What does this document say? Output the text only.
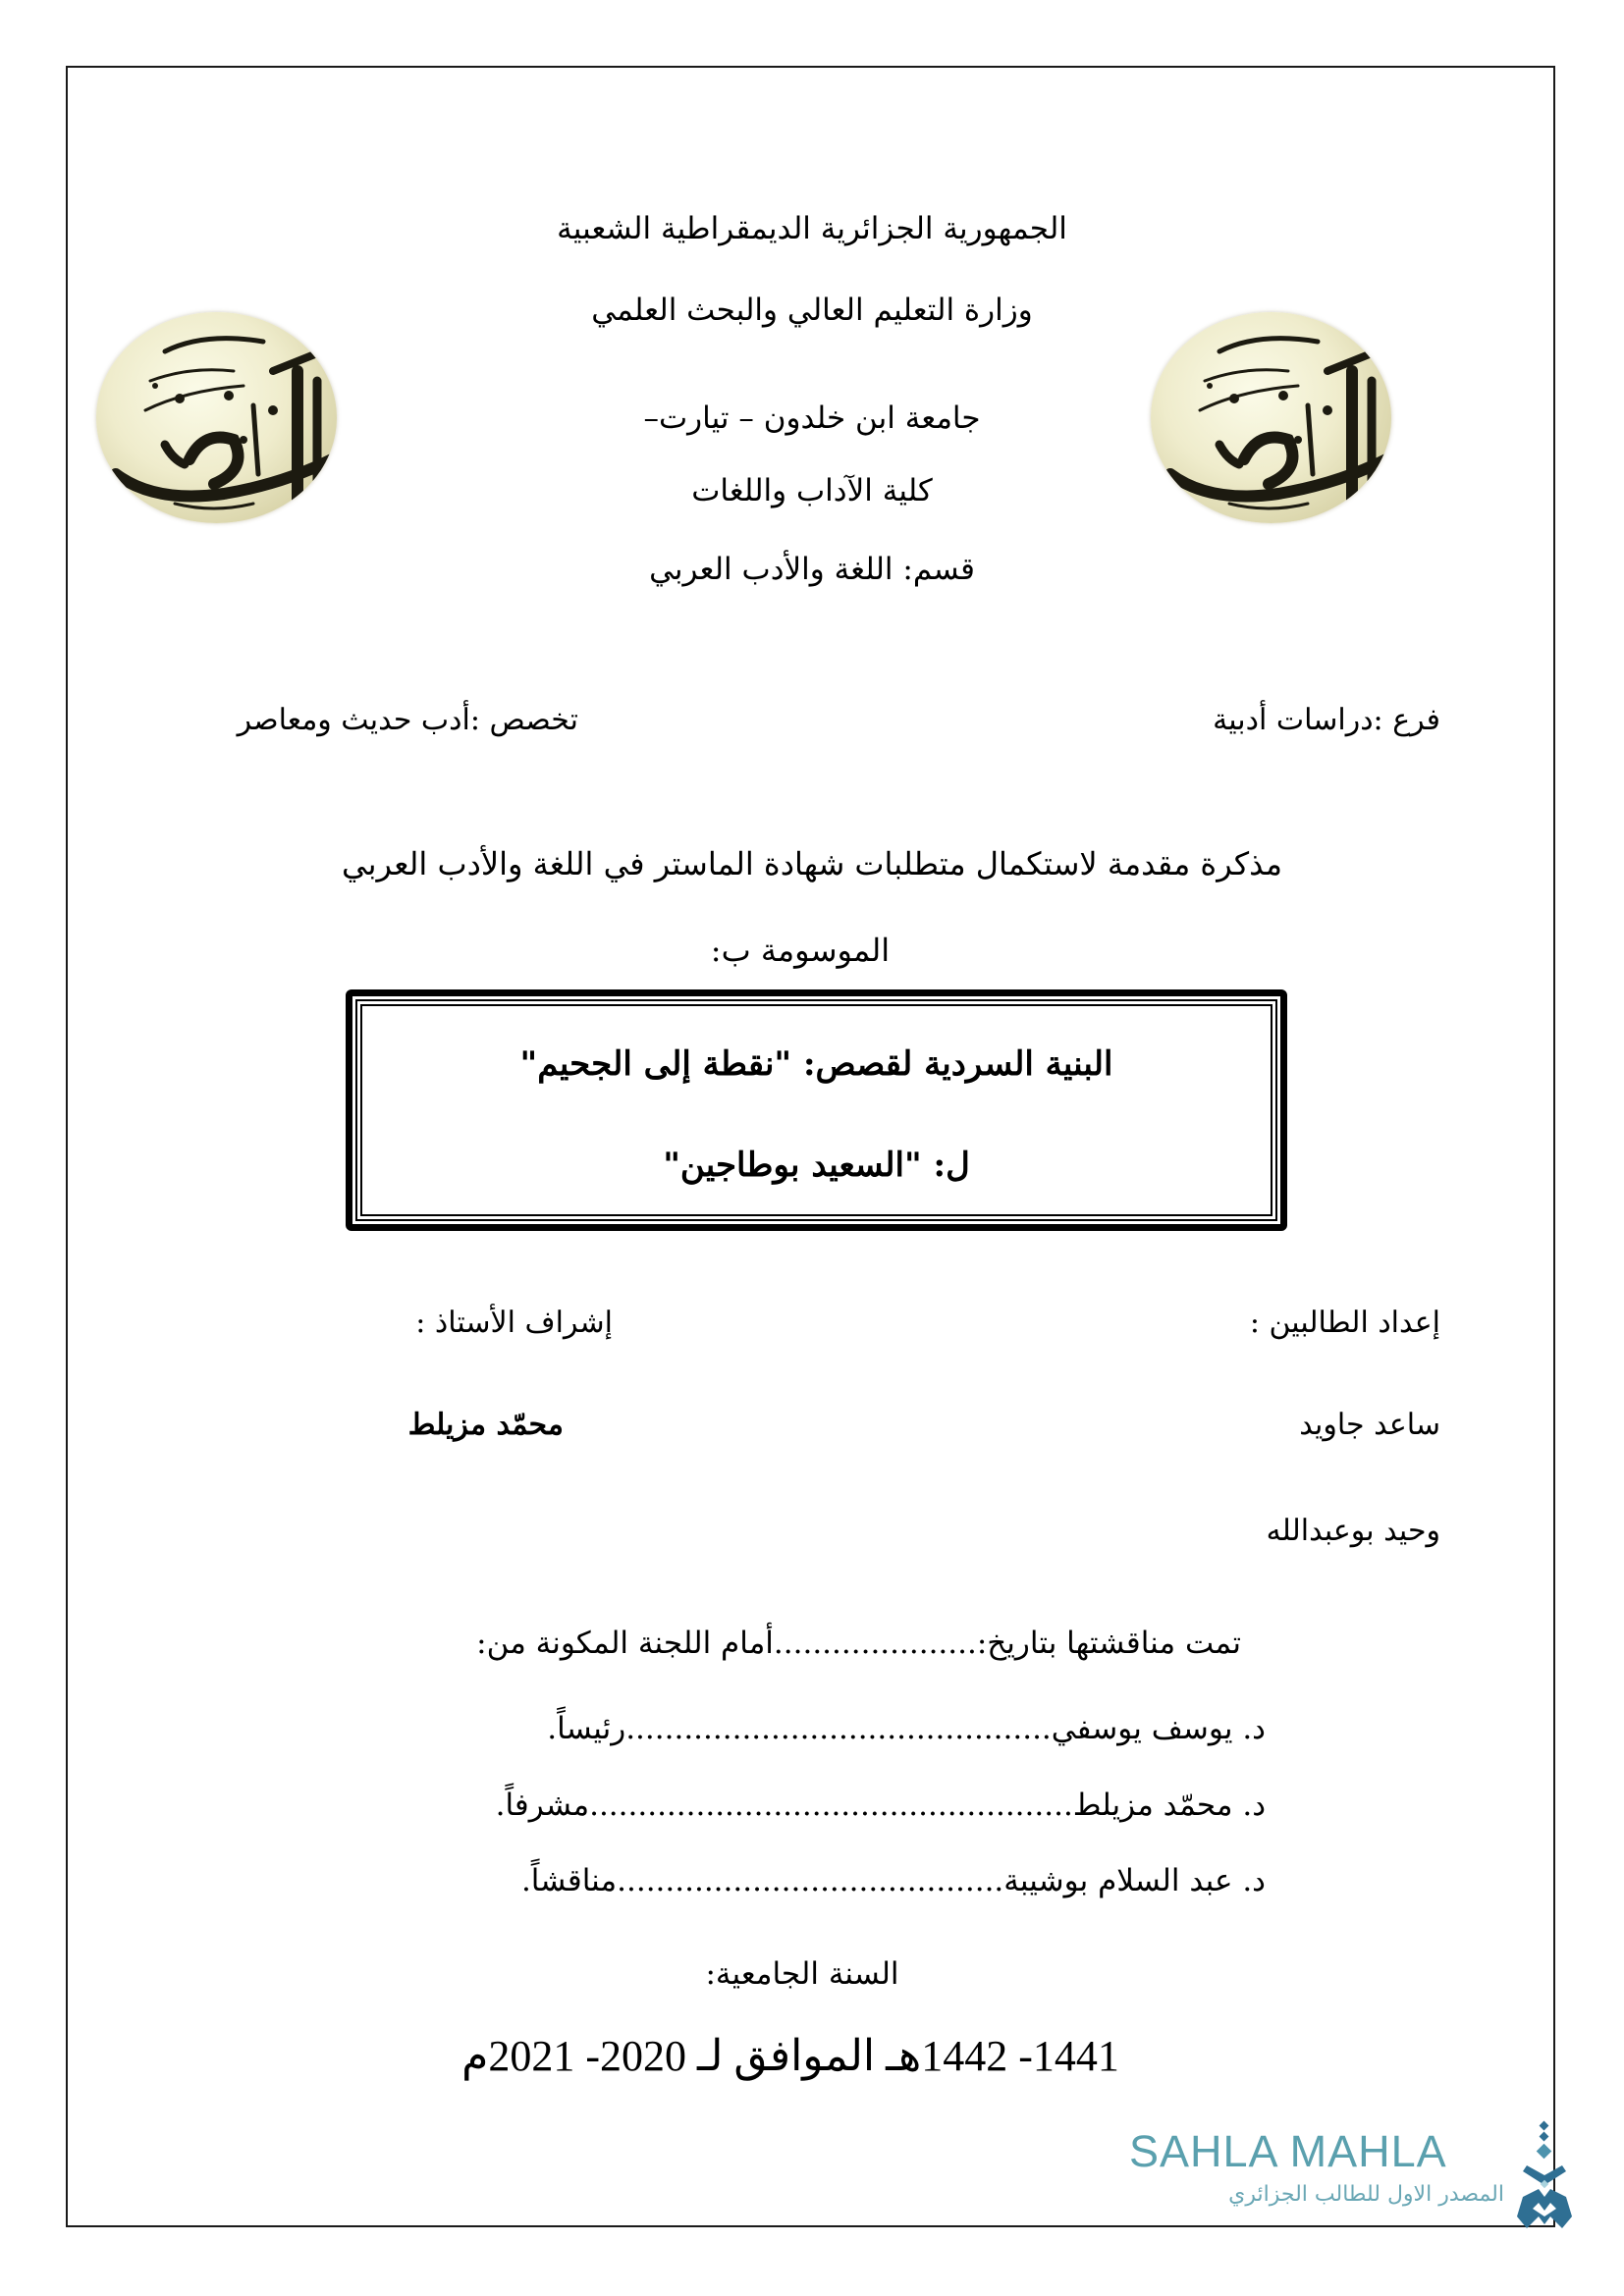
الجمهورية الجزائرية الديمقراطية الشعبية
وزارة التعليم العالي والبحث العلمي
جامعة ابن خلدون – تيارت–
كلية الآداب واللغات
قسم: اللغة والأدب العربي
فرع :دراسات أدبية
تخصص :أدب حديث ومعاصر
مذكرة مقدمة لاستكمال متطلبات شهادة الماستر في اللغة والأدب العربي
الموسومة ب:
البنية السردية لقصص: "نقطة إلى الجحيم"
ل: "السعيد بوطاجين"
إعداد الطالبين :
إشراف الأستاذ :
ساعد جاويد
محمّد مزيلط
وحيد بوعبدالله
تمت مناقشتها بتاريخ:.....................أمام اللجنة المكونة من:
د. يوسف يوسفي............................................رئيساً.
د. محمّد مزيلط..................................................مشرفاً.
د. عبد السلام بوشيبة........................................مناقشاً.
السنة الجامعية:
1441- 1442هـ الموافق لـ 2020- 2021م
SAHLA MAHLA
المصدر الاول للطالب الجزائري
